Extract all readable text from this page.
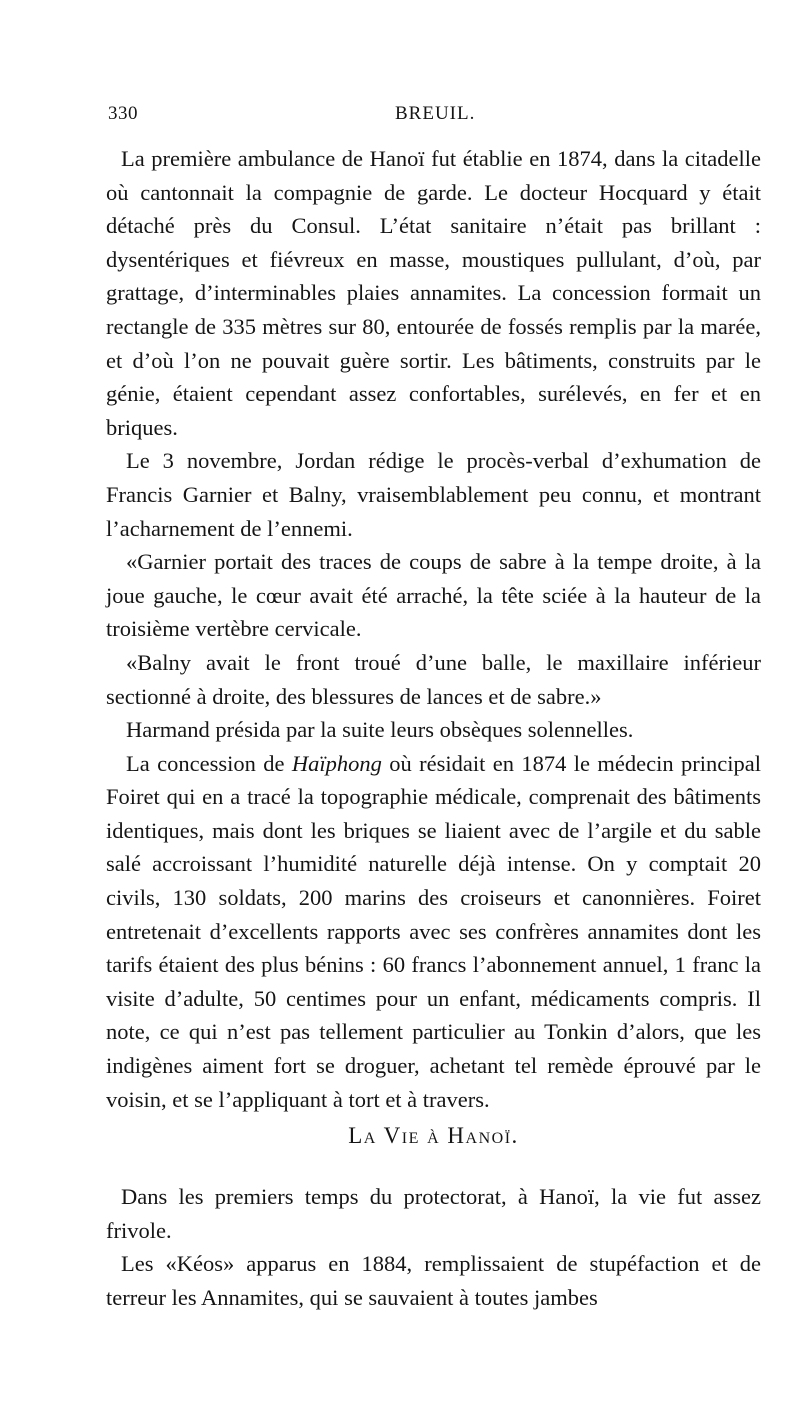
330	BREUIL.

La première ambulance de Hanoï fut établie en 1874, dans la citadelle où cantonnait la compagnie de garde. Le docteur Hocquard y était détaché près du Consul. L’état sanitaire n’était pas brillant : dysentériques et fiévreux en masse, moustiques pullulant, d’où, par grattage, d’interminables plaies annamites. La concession formait un rectangle de 335 mètres sur 80, entourée de fossés remplis par la marée, et d’où l’on ne pouvait guère sortir. Les bâtiments, construits par le génie, étaient cependant assez confortables, surélevés, en fer et en briques.

Le 3 novembre, Jordan rédige le procès-verbal d’exhumation de Francis Garnier et Balny, vraisemblablement peu connu, et montrant l’acharnement de l’ennemi.

«Garnier portait des traces de coups de sabre à la tempe droite, à la joue gauche, le cœur avait été arraché, la tête sciée à la hauteur de la troisième vertèbre cervicale.

«Balny avait le front troué d’une balle, le maxillaire inférieur sectionné à droite, des blessures de lances et de sabre.»

Harmand présida par la suite leurs obsèques solennelles.

La concession de Haïphong où résidait en 1874 le médecin principal Foiret qui en a tracé la topographie médicale, comprenait des bâtiments identiques, mais dont les briques se liaient avec de l’argile et du sable salé accroissant l’humidité naturelle déjà intense. On y comptait 20 civils, 130 soldats, 200 marins des croiseurs et canonnières. Foiret entretenait d’excellents rapports avec ses confrères annamites dont les tarifs étaient des plus bénins : 60 francs l’abonnement annuel, 1 franc la visite d’adulte, 50 centimes pour un enfant, médicaments compris. Il note, ce qui n’est pas tellement particulier au Tonkin d’alors, que les indigènes aiment fort se droguer, achetant tel remède éprouvé par le voisin, et se l’appliquant à tort et à travers.

La Vie à Hanoï.

Dans les premiers temps du protectorat, à Hanoï, la vie fut assez frivole.

Les «Kéos» apparus en 1884, remplissaient de stupéfaction et de terreur les Annamites, qui se sauvaient à toutes jambes
